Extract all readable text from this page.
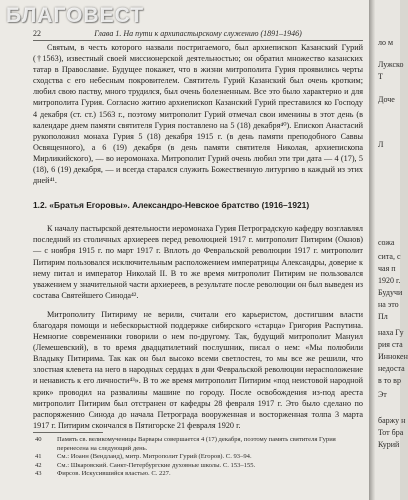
22	Глава 1. На пути к архипастырскому служению (1891–1946)

Святым, в честь которого назвали постригаемого, был архиепископ Казанский Гурий (†1563), известный своей миссионерской деятельностью; он обратил множество казанских татар в Православие. Будущее покажет, что в жизни митрополита Гурия проявились черты сходства с его небесным покровителем. Святитель Гурий Казанский был очень кротким; любил свою паству, много трудился, был очень болезненным. Все это было характерно и для митрополита Гурия. Согласно житию архиепископ Казанский Гурий преставился ко Господу 4 декабря (ст. ст.) 1563 г., поэтому митрополит Гурий отмечал свои именины в этот день (в календаре днем памяти святителя Гурия поставлено на 5 (18) декабря⁴⁰). Епископ Анастасий рукоположил монаха Гурия 5 (18) декабря 1915 г. (в день памяти преподобного Саввы Освященного), а 6 (19) декабря (в день памяти святителя Николая, архиепископа Мирликийского), — во иеромонаха. Митрополит Гурий очень любил эти три дата — 4 (17), 5 (18), 6 (19) декабря, — и всегда старался служить Божественную литургию в каждый из этих дней⁴¹.

1.2. «Братья Егоровы». Александро-Невское братство (1916–1921)

К началу пастырской деятельности иеромонаха Гурия Петроградскую кафедру возглавлял последний из столичных архиереев перед революцией 1917 г. митрополит Питирим (Окнов) — с ноября 1915 г. по март 1917 г. Вплоть до Февральской революции 1917 г. митрополит Питирим пользовался исключительным расположением императрицы Александры, доверие к нему питал и император Николай II. В то же время митрополит Питирим не пользовался уважением у значительной части архиереев, в результате после революции он был выведен из состава Святейшего Синода⁴².

Митрополиту Питириму не верили, считали его карьеристом, достигшим власти благодаря помощи и небескорыстной поддержке сибирского «старца» Григория Распутина. Немногие современники говорили о нем по-другому. Так, будущий митрополит Мануил (Лемешевский), в то время двадцатилетний послушник, писал о нем: «Мы полюбили Владыку Питирима. Так как он был высоко всеми светлостен, то мы все же решили, что злостная клевета на него в народных сердцах в дни Февральской революции нерасположение и ненависть к его личности⁴³». В то же время митрополит Питирим «под неистовой народной крик» проводил на развалины машине по городу. После освобождения из-под ареста митрополит Питирим был отстранен от кафедры 28 февраля 1917 г. Это было сделано по распоряжению Синода до начала Петрограда вооруженная и восторженная толпа 3 марта 1917 г. Питирим скончался в Пятигорске 21 февраля 1920 г.

40	Память св. великомученицы Варвары совершается 4 (17) декабря, поэтому память святителя Гурия перенесена на следующий день.
41	См.: Иоанн (Вендланд), митр. Митрополит Гурий (Егоров). С. 93–94.
42	См.: Шкаровский. Санкт-Петербургские духовные школы. С. 153–155.
43	Фирсов. Искусившийся властью. С. 227.
ло м
Лужско
Т
Доче
Л
сожа
сита, с
чая п
1920 г.
Будучи
на это
Пл
наха Гу
рия ста
Иннокен
недоста
в то вр
Эт
баржу н
Тот бра
Курий
БЛАГОВЕСТ
